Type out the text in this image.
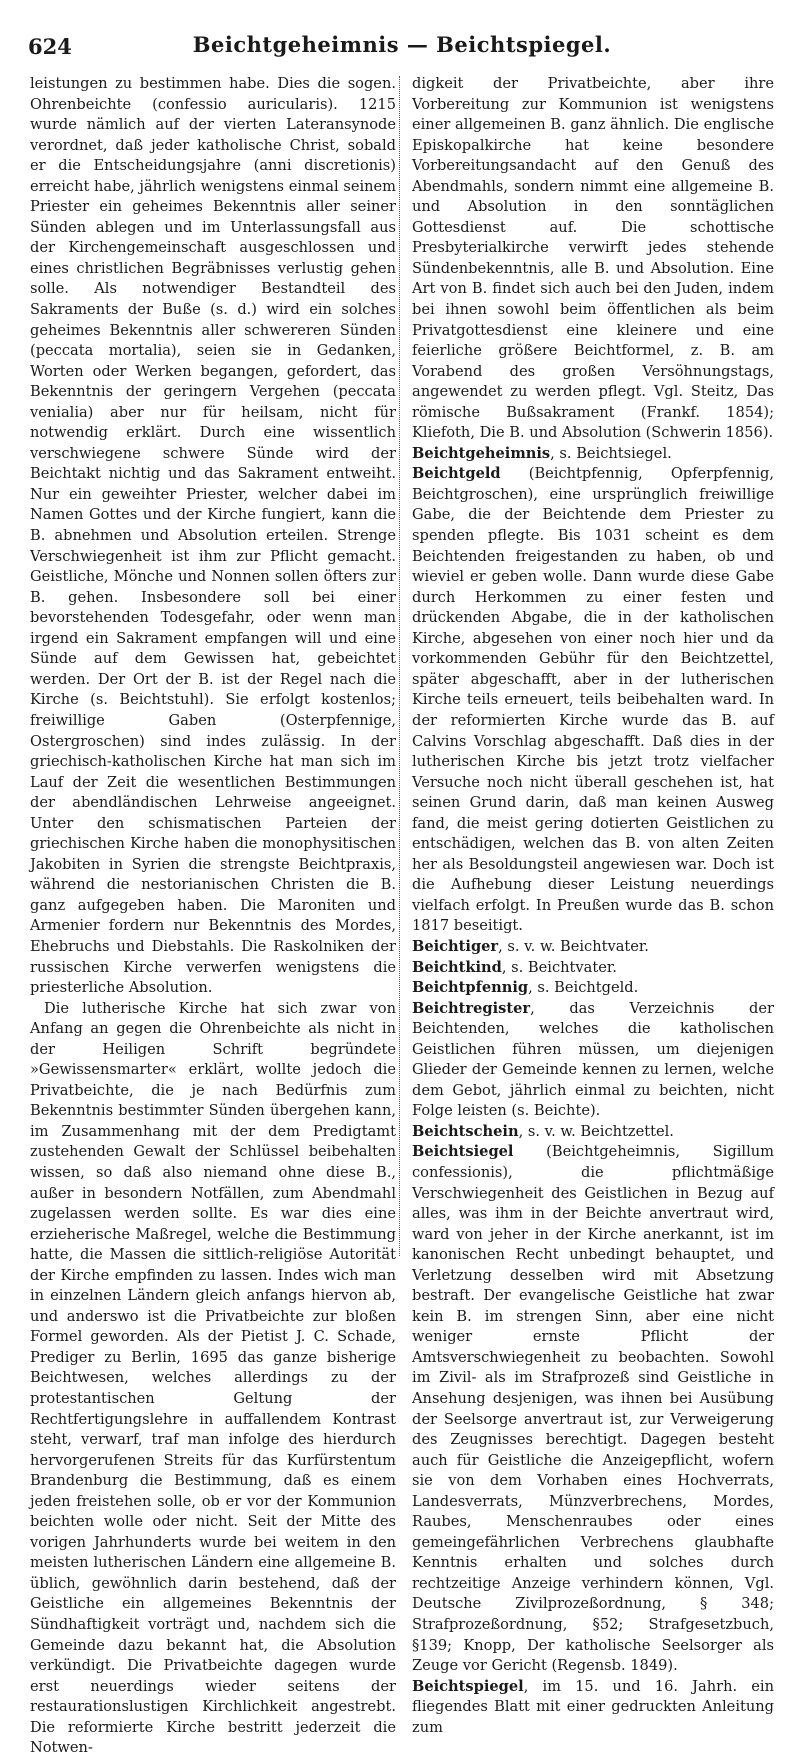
624	Beichtgeheimnis — Beichtspiegel.

leistungen zu bestimmen habe. Dies die sogen. Ohrenbeichte (confessio auricularis). 1215 wurde nämlich auf der vierten Lateransynode verordnet, daß jeder katholische Christ, sobald er die Entscheidungsjahre (anni discretionis) erreicht habe, jährlich wenigstens einmal seinem Priester ein geheimes Bekenntnis aller seiner Sünden ablegen und im Unterlassungsfall aus der Kirchengemeinschaft ausgeschlossen und eines christlichen Begräbnisses verlustig gehen solle. Als notwendiger Bestandteil des Sakraments der Buße (s. d.) wird ein solches geheimes Bekenntnis aller schwereren Sünden (peccata mortalia), seien sie in Gedanken, Worten oder Werken begangen, gefordert, das Bekenntnis der geringern Vergehen (peccata venialia) aber nur für heilsam, nicht für notwendig erklärt. Durch eine wissentlich verschwiegene schwere Sünde wird der Beichtakt nichtig und das Sakrament entweiht. Nur ein geweihter Priester, welcher dabei im Namen Gottes und der Kirche fungiert, kann die B. abnehmen und Absolution erteilen. Strenge Verschwiegenheit ist ihm zur Pflicht gemacht. Geistliche, Mönche und Nonnen sollen öfters zur B. gehen. Insbesondere soll bei einer bevorstehenden Todesgefahr, oder wenn man irgend ein Sakrament empfangen will und eine Sünde auf dem Gewissen hat, gebeichtet werden. Der Ort der B. ist der Regel nach die Kirche (s. Beichtstuhl). Sie erfolgt kostenlos; freiwillige Gaben (Osterpfennige, Ostergroschen) sind indes zulässig. In der griechisch-katholischen Kirche hat man sich im Lauf der Zeit die wesentlichen Bestimmungen der abendländischen Lehrweise angeeignet. Unter den schismatischen Parteien der griechischen Kirche haben die monophysitischen Jakobiten in Syrien die strengste Beichtpraxis, während die nestorianischen Christen die B. ganz aufgegeben haben. Die Maroniten und Armenier fordern nur Bekenntnis des Mordes, Ehebruchs und Diebstahls. Die Raskolniken der russischen Kirche verwerfen wenigstens die priesterliche Absolution.

Die lutherische Kirche hat sich zwar von Anfang an gegen die Ohrenbeichte als nicht in der Heiligen Schrift begründete »Gewissensmarter« erklärt, wollte jedoch die Privatbeichte, die je nach Bedürfnis zum Bekenntnis bestimmter Sünden übergehen kann, im Zusammenhang mit der dem Predigtamt zustehenden Gewalt der Schlüssel beibehalten wissen, so daß also niemand ohne diese B., außer in besondern Notfällen, zum Abendmahl zugelassen werden sollte. Es war dies eine erzieherische Maßregel, welche die Bestimmung hatte, die Massen die sittlich-religiöse Autorität der Kirche empfinden zu lassen. Indes wich man in einzelnen Ländern gleich anfangs hiervon ab, und anderswo ist die Privatbeichte zur bloßen Formel geworden. Als der Pietist J. C. Schade, Prediger zu Berlin, 1695 das ganze bisherige Beichtwesen, welches allerdings zu der protestantischen Geltung der Rechtfertigungslehre in auffallendem Kontrast steht, verwarf, traf man infolge des hierdurch hervorgerufenen Streits für das Kurfürstentum Brandenburg die Bestimmung, daß es einem jeden freistehen solle, ob er vor der Kommunion beichten wolle oder nicht. Seit der Mitte des vorigen Jahrhunderts wurde bei weitem in den meisten lutherischen Ländern eine allgemeine B. üblich, gewöhnlich darin bestehend, daß der Geistliche ein allgemeines Bekenntnis der Sündhaftigkeit vorträgt und, nachdem sich die Gemeinde dazu bekannt hat, die Absolution verkündigt. Die Privatbeichte dagegen wurde erst neuerdings wieder seitens der restaurationslustigen Kirchlichkeit angestrebt. Die reformierte Kirche bestritt jederzeit die Notwen-

digkeit der Privatbeichte, aber ihre Vorbereitung zur Kommunion ist wenigstens einer allgemeinen B. ganz ähnlich. Die englische Episkopalkirche hat keine besondere Vorbereitungsandacht auf den Genuß des Abendmahls, sondern nimmt eine allgemeine B. und Absolution in den sonntäglichen Gottesdienst auf. Die schottische Presbyterialkirche verwirft jedes stehende Sündenbekenntnis, alle B. und Absolution. Eine Art von B. findet sich auch bei den Juden, indem bei ihnen sowohl beim öffentlichen als beim Privatgottesdienst eine kleinere und eine feierliche größere Beichtformel, z. B. am Vorabend des großen Versöhnungstags, angewendet zu werden pflegt. Vgl. Steitz, Das römische Bußsakrament (Frankf. 1854); Kliefoth, Die B. und Absolution (Schwerin 1856).

Beichtgeheimnis, s. Beichtsiegel.

Beichtgeld (Beichtpfennig, Opferpfennig, Beichtgroschen), eine ursprünglich freiwillige Gabe, die der Beichtende dem Priester zu spenden pflegte. Bis 1031 scheint es dem Beichtenden freigestanden zu haben, ob und wieviel er geben wolle. Dann wurde diese Gabe durch Herkommen zu einer festen und drückenden Abgabe, die in der katholischen Kirche, abgesehen von einer noch hier und da vorkommenden Gebühr für den Beichtzettel, später abgeschafft, aber in der lutherischen Kirche teils erneuert, teils beibehalten ward. In der reformierten Kirche wurde das B. auf Calvins Vorschlag abgeschafft. Daß dies in der lutherischen Kirche bis jetzt trotz vielfacher Versuche noch nicht überall geschehen ist, hat seinen Grund darin, daß man keinen Ausweg fand, die meist gering dotierten Geistlichen zu entschädigen, welchen das B. von alten Zeiten her als Besoldungsteil angewiesen war. Doch ist die Aufhebung dieser Leistung neuerdings vielfach erfolgt. In Preußen wurde das B. schon 1817 beseitigt.

Beichtiger, s. v. w. Beichtvater.

Beichtkind, s. Beichtvater.

Beichtpfennig, s. Beichtgeld.

Beichtregister, das Verzeichnis der Beichtenden, welches die katholischen Geistlichen führen müssen, um diejenigen Glieder der Gemeinde kennen zu lernen, welche dem Gebot, jährlich einmal zu beichten, nicht Folge leisten (s. Beichte).

Beichtschein, s. v. w. Beichtzettel.

Beichtsiegel (Beichtgeheimnis, Sigillum confessionis), die pflichtmäßige Verschwiegenheit des Geistlichen in Bezug auf alles, was ihm in der Beichte anvertraut wird, ward von jeher in der Kirche anerkannt, ist im kanonischen Recht unbedingt behauptet, und Verletzung desselben wird mit Absetzung bestraft. Der evangelische Geistliche hat zwar kein B. im strengen Sinn, aber eine nicht weniger ernste Pflicht der Amtsverschwiegenheit zu beobachten. Sowohl im Zivil- als im Strafprozeß sind Geistliche in Ansehung desjenigen, was ihnen bei Ausübung der Seelsorge anvertraut ist, zur Verweigerung des Zeugnisses berechtigt. Dagegen besteht auch für Geistliche die Anzeigepflicht, wofern sie von dem Vorhaben eines Hochverrats, Landesverrats, Münzverbrechens, Mordes, Raubes, Menschenraubes oder eines gemeingefährlichen Verbrechens glaubhafte Kenntnis erhalten und solches durch rechtzeitige Anzeige verhindern können, Vgl. Deutsche Zivilprozeßordnung, § 348; Strafprozeßordnung, §52; Strafgesetzbuch, §139; Knopp, Der katholische Seelsorger als Zeuge vor Gericht (Regensb. 1849).

Beichtspiegel, im 15. und 16. Jahrh. ein fliegendes Blatt mit einer gedruckten Anleitung zum
